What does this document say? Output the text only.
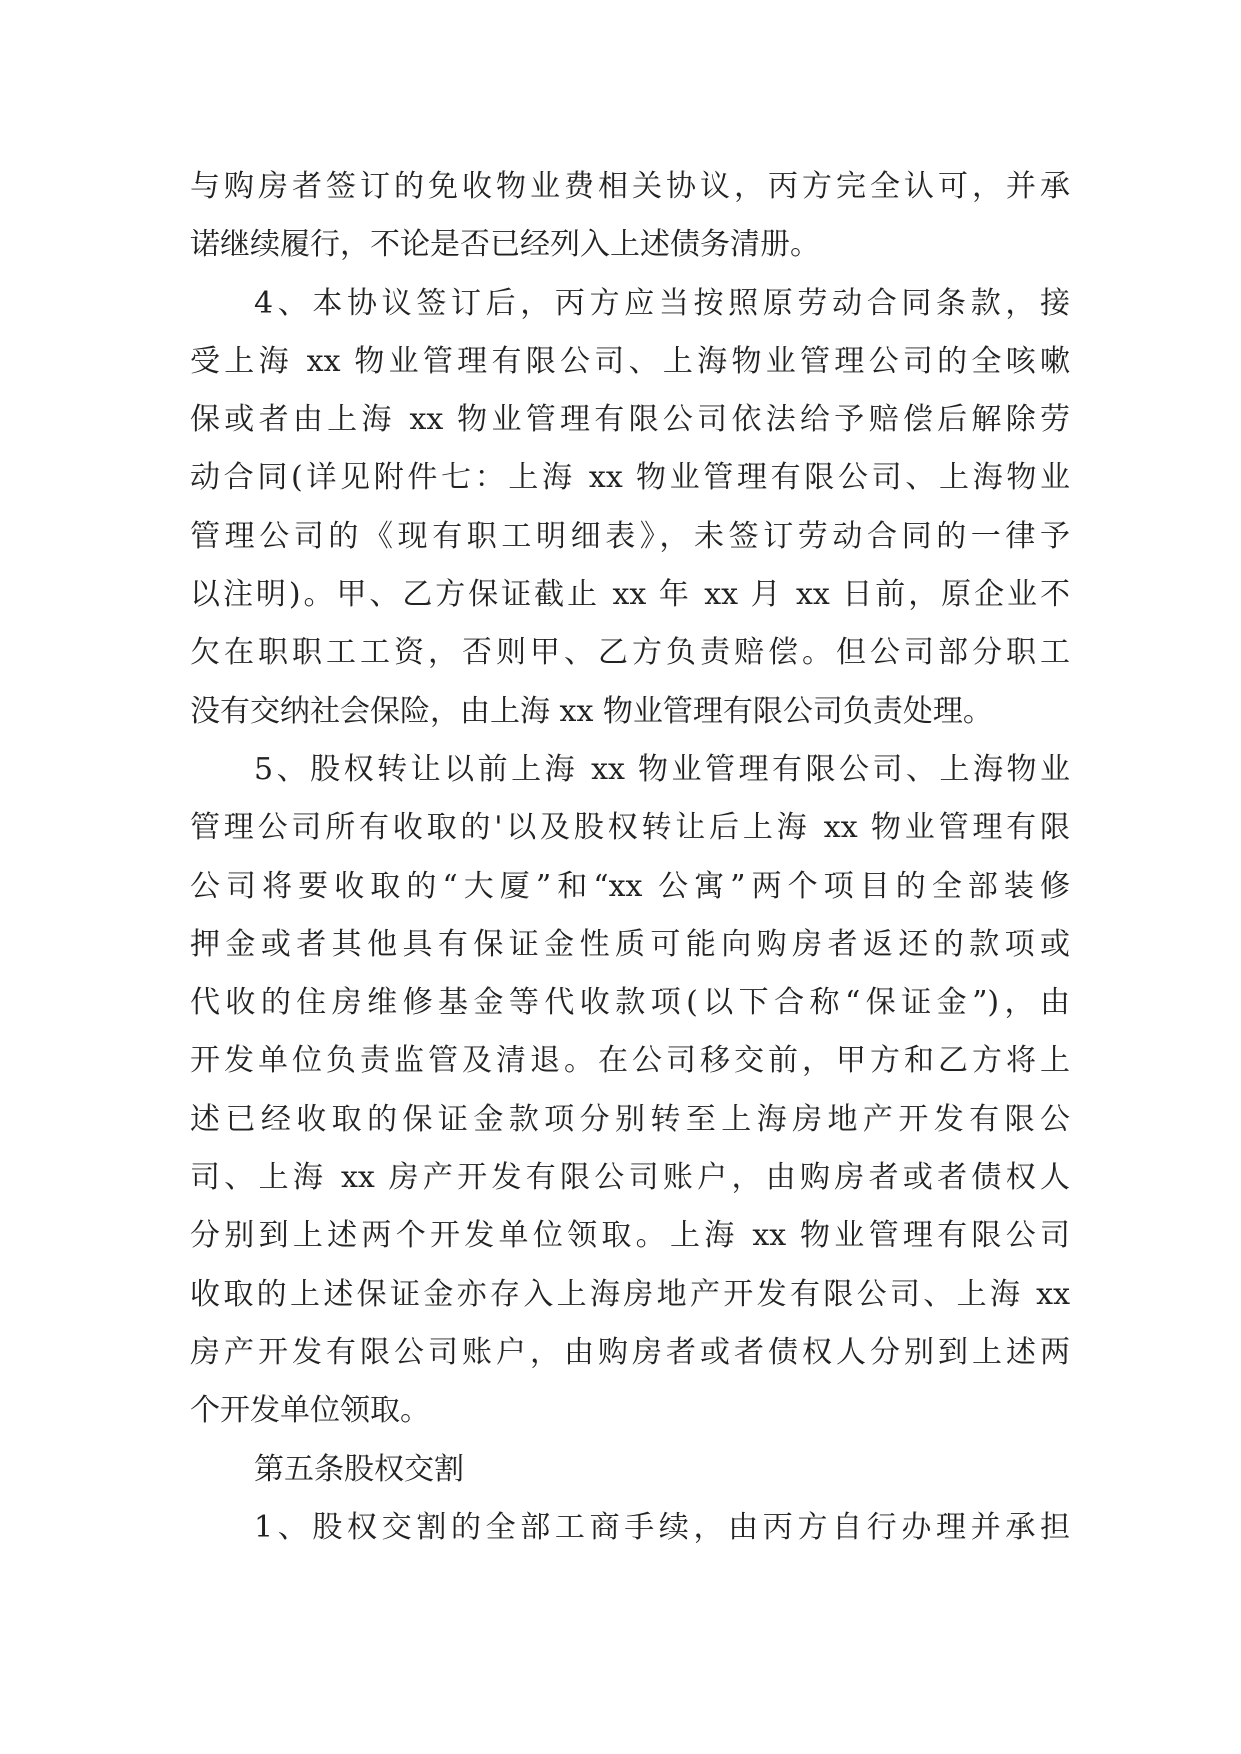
与购房者签订的免收物业费相关协议，丙方完全认可，并承
诺继续履行，不论是否已经列入上述债务清册。
4、本协议签订后，丙方应当按照原劳动合同条款，接
受上海 xx 物业管理有限公司、上海物业管理公司的全咳嗽
保或者由上海 xx 物业管理有限公司依法给予赔偿后解除劳
动合同(详见附件七：上海 xx 物业管理有限公司、上海物业
管理公司的《现有职工明细表》，未签订劳动合同的一律予
以注明)。甲、乙方保证截止 xx 年 xx 月 xx 日前，原企业不
欠在职职工工资，否则甲、乙方负责赔偿。但公司部分职工
没有交纳社会保险，由上海 xx 物业管理有限公司负责处理。
5、股权转让以前上海 xx 物业管理有限公司、上海物业
管理公司所有收取的'以及股权转让后上海 xx 物业管理有限
公司将要收取的“大厦”和“xx 公寓”两个项目的全部装修
押金或者其他具有保证金性质可能向购房者返还的款项或
代收的住房维修基金等代收款项(以下合称“保证金”)，由
开发单位负责监管及清退。在公司移交前，甲方和乙方将上
述已经收取的保证金款项分别转至上海房地产开发有限公
司、上海 xx 房产开发有限公司账户，由购房者或者债权人
分别到上述两个开发单位领取。上海 xx 物业管理有限公司
收取的上述保证金亦存入上海房地产开发有限公司、上海 xx
房产开发有限公司账户，由购房者或者债权人分别到上述两
个开发单位领取。
第五条股权交割
1、股权交割的全部工商手续，由丙方自行办理并承担
